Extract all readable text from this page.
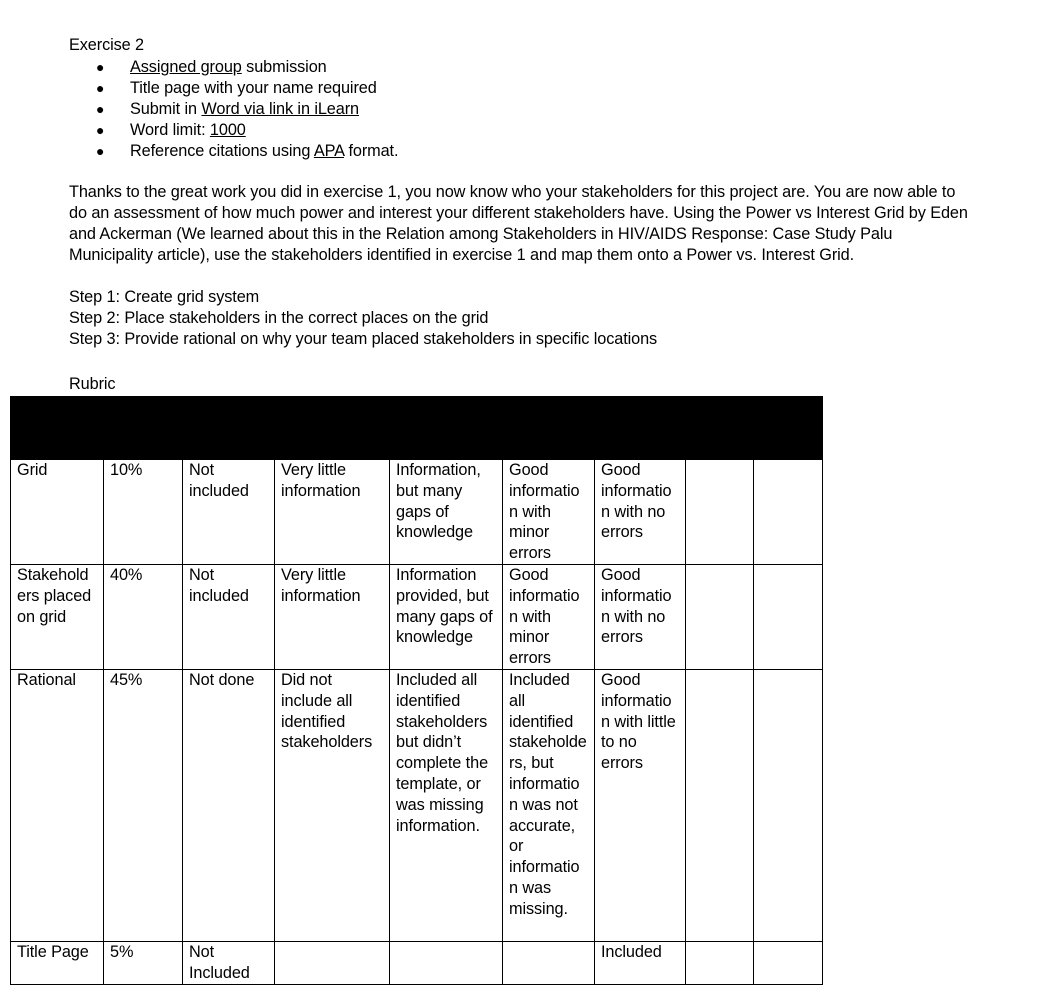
Exercise 2
● Assigned group submission
● Title page with your name required
● Submit in Word via link in iLearn
● Word limit: 1000
● Reference citations using APA format.
Thanks to the great work you did in exercise 1, you now know who your stakeholders for this project are. You are now able to
do an assessment of how much power and interest your different stakeholders have. Using the Power vs Interest Grid by Eden
and Ackerman (We learned about this in the Relation among Stakeholders in HIV/AIDS Response: Case Study Palu
Municipality article), use the stakeholders identified in exercise 1 and map them onto a Power vs. Interest Grid.
Step 1: Create grid system
Step 2: Place stakeholders in the correct places on the grid
Step 3: Provide rational on why your team placed stakeholders in specific locations
Rubric

Grid	10%	Not included	Very little information	Information, but many gaps of knowledge	Good information with minor errors	Good information with no errors		
Stakeholders placed on grid	40%	Not included	Very little information	Information provided, but many gaps of knowledge	Good information with minor errors	Good information with no errors		
Rational	45%	Not done	Did not include all identified stakeholders	Included all identified stakeholders but didn’t complete the template, or was missing information.	Included all identified stakeholders, but information was not accurate, or information was missing.	Good information with little to no errors		
Title Page	5%	Not Included				Included		
